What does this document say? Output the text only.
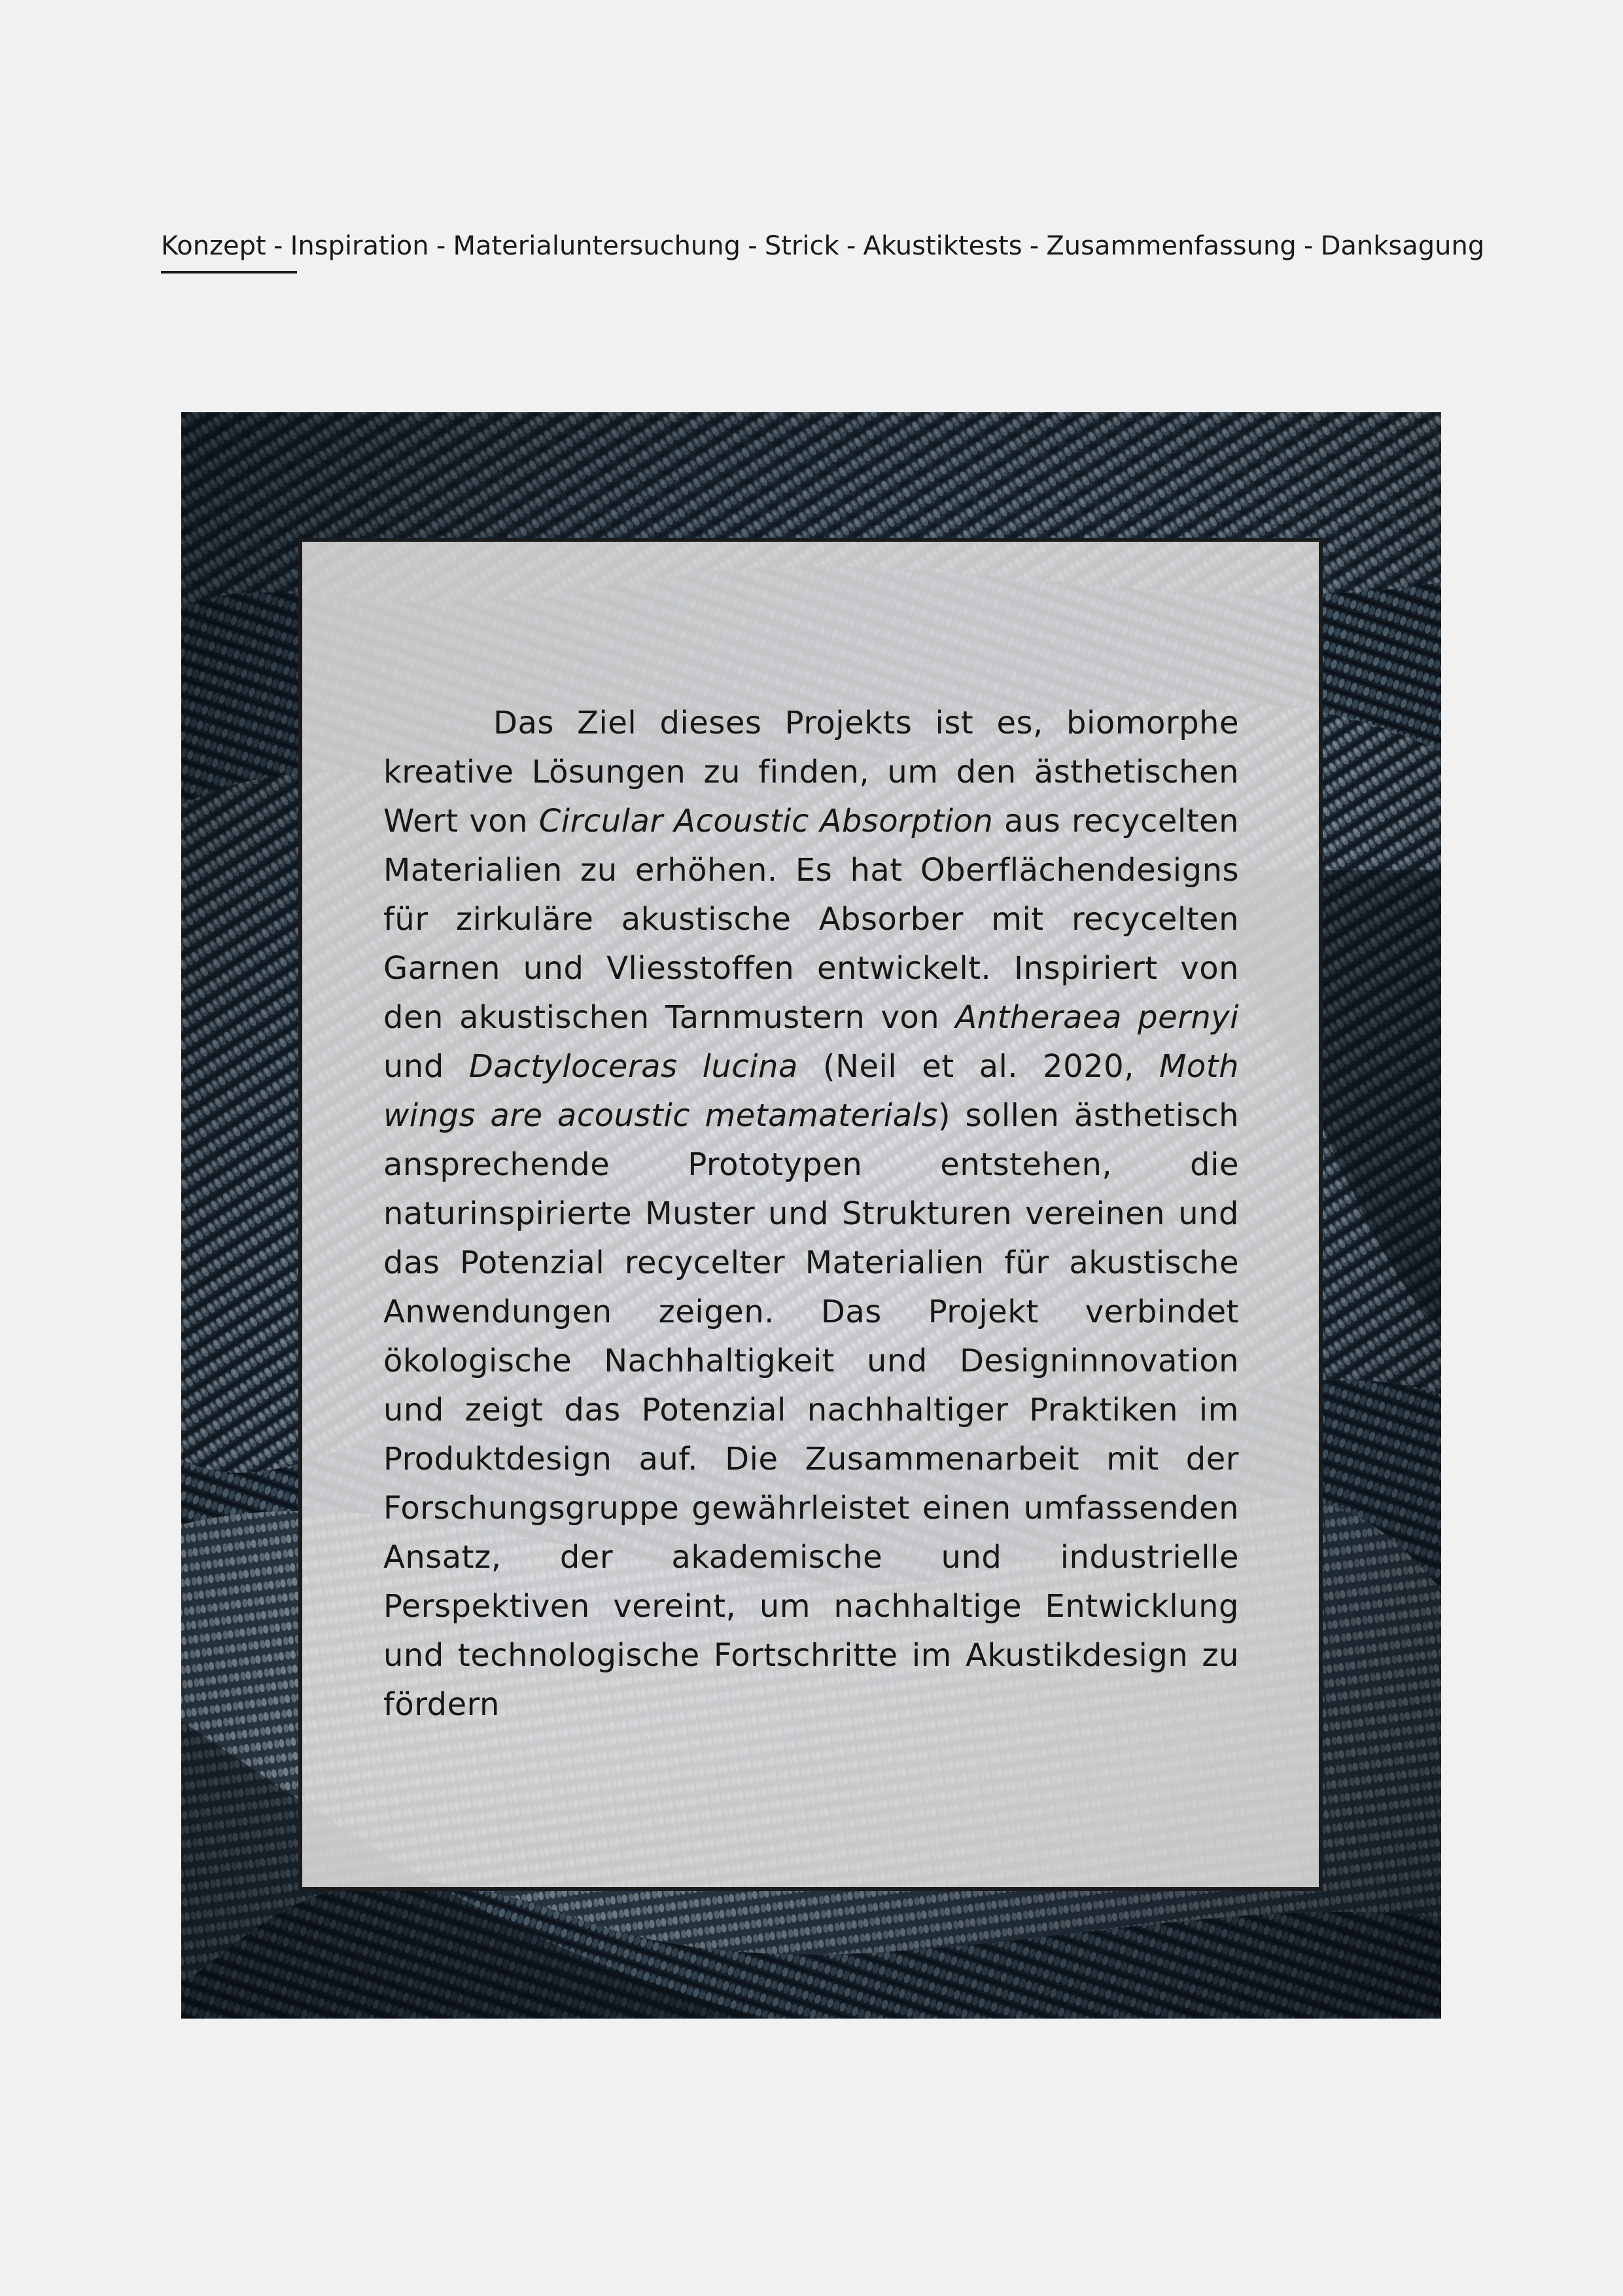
Konzept - Inspiration - Materialuntersuchung - Strick - Akustiktests - Zusammenfassung - Danksagung

Das Ziel dieses Projekts ist es, biomorphe kreative Lösungen zu finden, um den ästhetischen Wert von Circular Acoustic Absorption aus recycelten Materialien zu erhöhen. Es hat Oberflächendesigns für zirkuläre akustische Absorber mit recycelten Garnen und Vliesstoffen entwickelt. Inspiriert von den akustischen Tarnmustern von Antheraea pernyi und Dactyloceras lucina (Neil et al. 2020, Moth wings are acoustic metamaterials) sollen ästhetisch ansprechende Prototypen entstehen, die naturinspirierte Muster und Strukturen vereinen und das Potenzial recycelter Materialien für akustische Anwendungen zeigen. Das Projekt verbindet ökologische Nachhaltigkeit und Designinnovation und zeigt das Potenzial nachhaltiger Praktiken im Produktdesign auf. Die Zusammenarbeit mit der Forschungsgruppe gewährleistet einen umfassenden Ansatz, der akademische und industrielle Perspektiven vereint, um nachhaltige Entwicklung und technologische Fortschritte im Akustikdesign zu fördern
